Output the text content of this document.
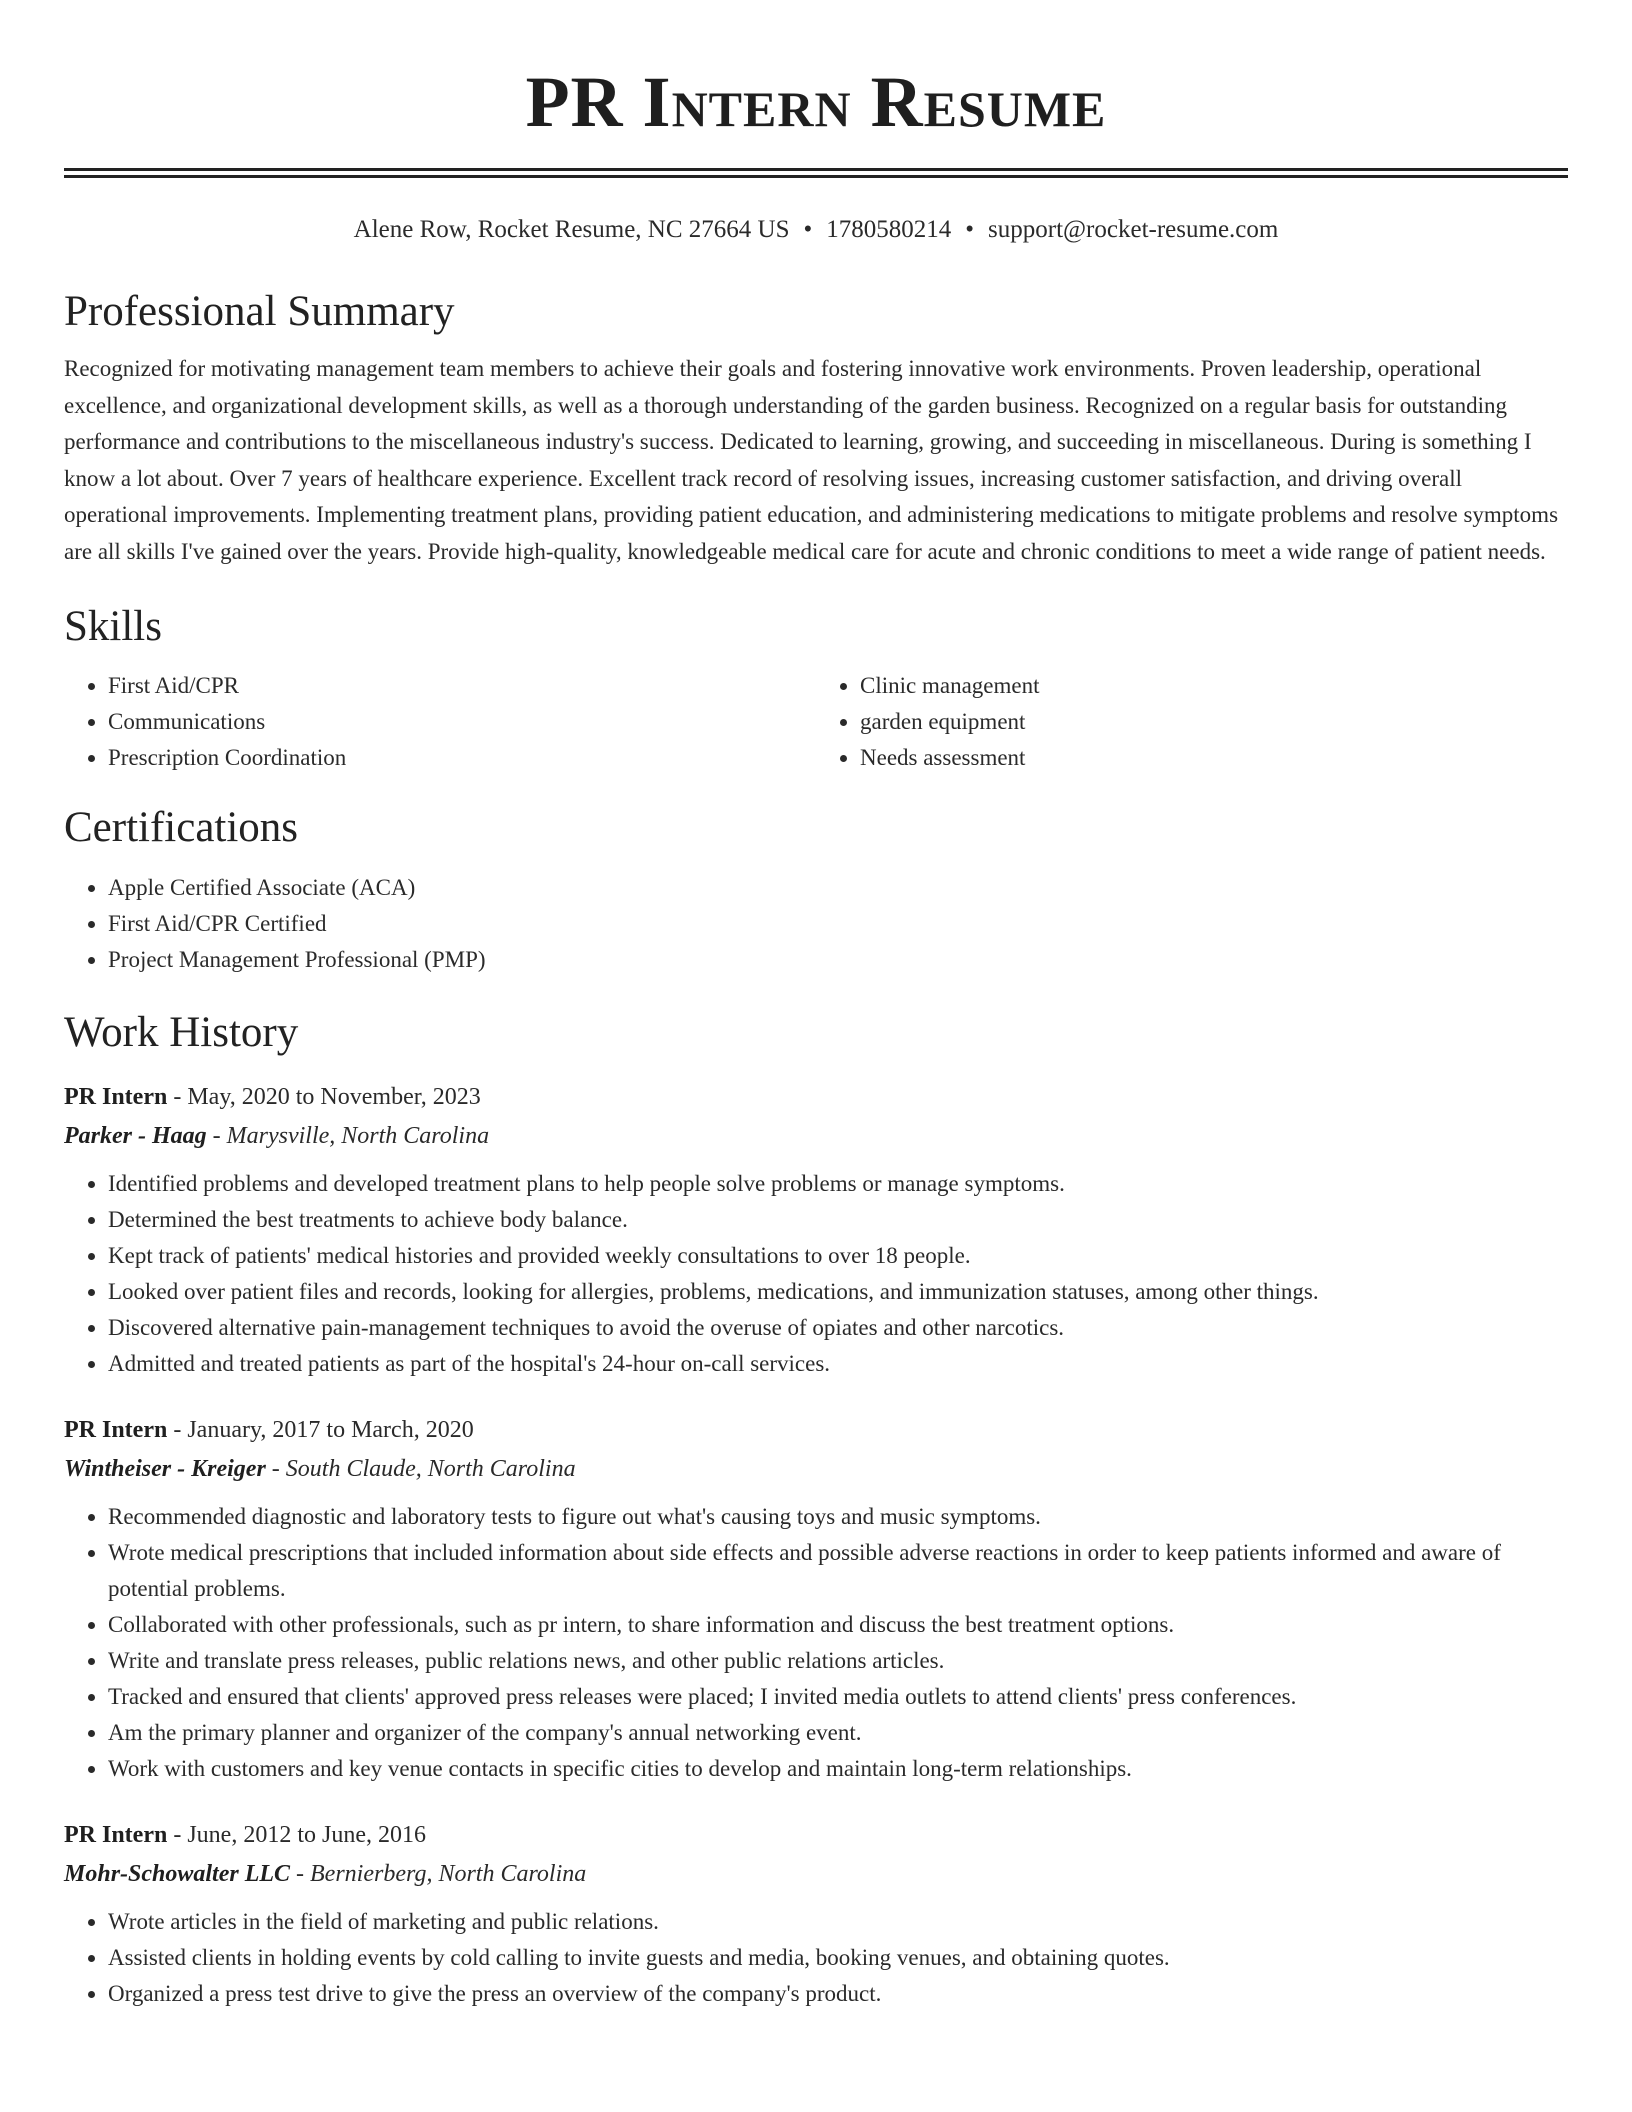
PR Intern Resume
Alene Row, Rocket Resume, NC 27664 US • 1780580214 • support@rocket-resume.com
Professional Summary

Recognized for motivating management team members to achieve their goals and fostering innovative work environments. Proven leadership, operational excellence, and organizational development skills, as well as a thorough understanding of the garden business. Recognized on a regular basis for outstanding performance and contributions to the miscellaneous industry's success. Dedicated to learning, growing, and succeeding in miscellaneous. During is something I know a lot about. Over 7 years of healthcare experience. Excellent track record of resolving issues, increasing customer satisfaction, and driving overall operational improvements. Implementing treatment plans, providing patient education, and administering medications to mitigate problems and resolve symptoms are all skills I've gained over the years. Provide high-quality, knowledgeable medical care for acute and chronic conditions to meet a wide range of patient needs.

Skills
• First Aid/CPR
• Communications
• Prescription Coordination
• Clinic management
• garden equipment
• Needs assessment
Certifications
• Apple Certified Associate (ACA)
• First Aid/CPR Certified
• Project Management Professional (PMP)
Work History
PR Intern - May, 2020 to November, 2023
Parker - Haag - Marysville, North Carolina
• Identified problems and developed treatment plans to help people solve problems or manage symptoms.
• Determined the best treatments to achieve body balance.
• Kept track of patients' medical histories and provided weekly consultations to over 18 people.
• Looked over patient files and records, looking for allergies, problems, medications, and immunization statuses, among other things.
• Discovered alternative pain-management techniques to avoid the overuse of opiates and other narcotics.
• Admitted and treated patients as part of the hospital's 24-hour on-call services.
PR Intern - January, 2017 to March, 2020
Wintheiser - Kreiger - South Claude, North Carolina
• Recommended diagnostic and laboratory tests to figure out what's causing toys and music symptoms.
• Wrote medical prescriptions that included information about side effects and possible adverse reactions in order to keep patients informed and aware of potential problems.
• Collaborated with other professionals, such as pr intern, to share information and discuss the best treatment options.
• Write and translate press releases, public relations news, and other public relations articles.
• Tracked and ensured that clients' approved press releases were placed; I invited media outlets to attend clients' press conferences.
• Am the primary planner and organizer of the company's annual networking event.
• Work with customers and key venue contacts in specific cities to develop and maintain long-term relationships.
PR Intern - June, 2012 to June, 2016
Mohr-Schowalter LLC - Bernierberg, North Carolina
• Wrote articles in the field of marketing and public relations.
• Assisted clients in holding events by cold calling to invite guests and media, booking venues, and obtaining quotes.
• Organized a press test drive to give the press an overview of the company's product.
